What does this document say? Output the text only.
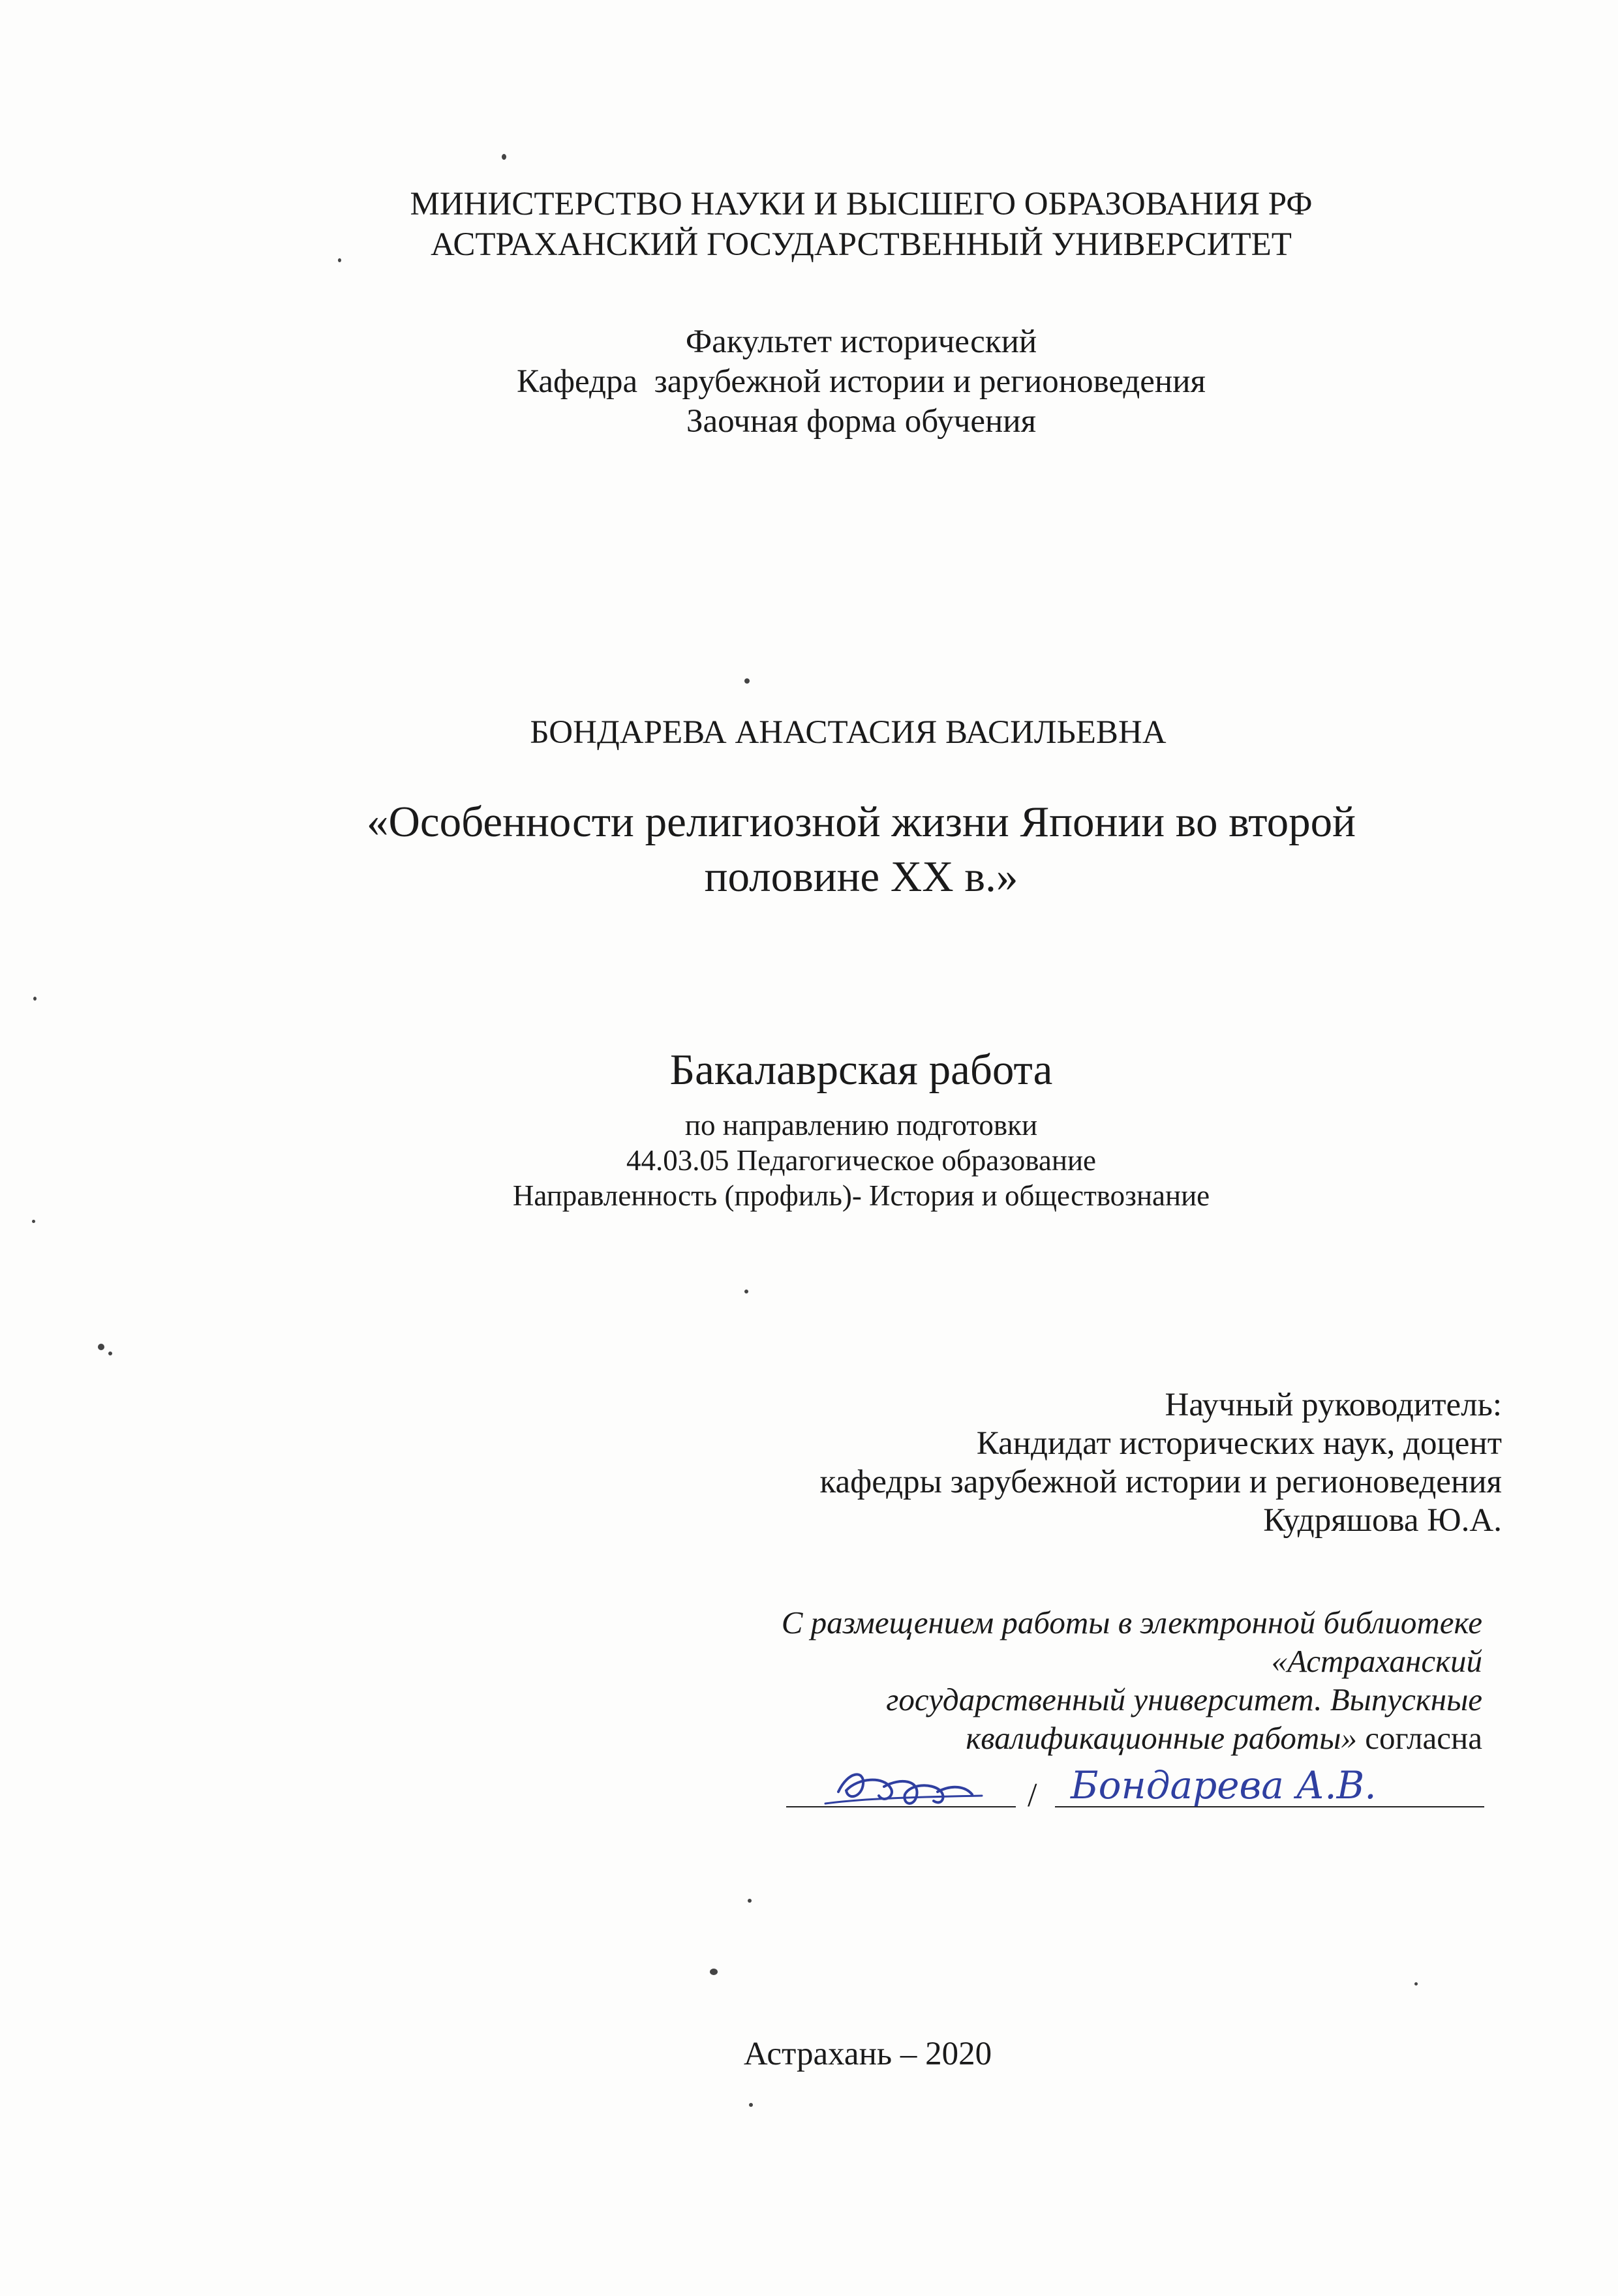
МИНИСТЕРСТВО НАУКИ И ВЫСШЕГО ОБРАЗОВАНИЯ РФ
АСТРАХАНСКИЙ ГОСУДАРСТВЕННЫЙ УНИВЕРСИТЕТ
Факультет исторический
Кафедра  зарубежной истории и регионоведения
Заочная форма обучения
БОНДАРЕВА АНАСТАСИЯ ВАСИЛЬЕВНА
«Особенности религиозной жизни Японии во второй
половине XX в.»
Бакалаврская работа
по направлению подготовки
44.03.05 Педагогическое образование
Направленность (профиль)- История и обществознание
Научный руководитель:
Кандидат исторических наук, доцент
кафедры зарубежной истории и регионоведения
Кудряшова Ю.А.
С размещением работы в электронной библиотеке
«Астраханский
государственный университет. Выпускные
квалификационные работы» согласна
/ Бондарева А.В.
Астрахань – 2020
